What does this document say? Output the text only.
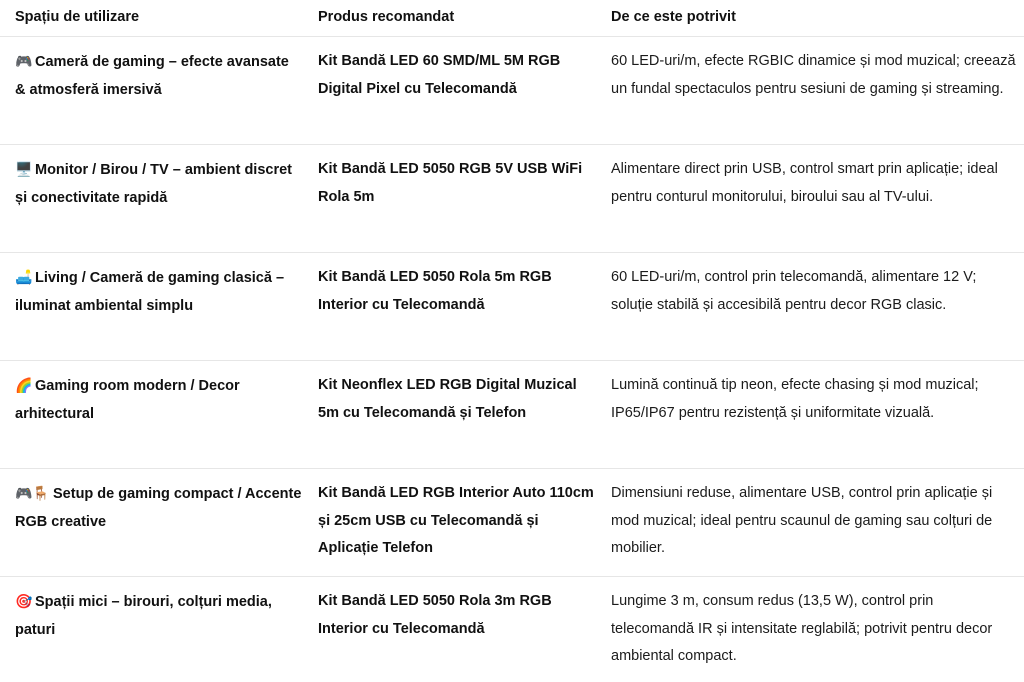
Spațiu de utilizare	Produs recomandat	De ce este potrivit
🎮 Cameră de gaming – efecte avansate & atmosferă imersivă
Kit Bandă LED 60 SMD/ML 5M RGB Digital Pixel cu Telecomandă
60 LED-uri/m, efecte RGBIC dinamice și mod muzical; creează un fundal spectaculos pentru sesiuni de gaming și streaming.
🖥️ Monitor / Birou / TV – ambient discret și conectivitate rapidă
Kit Bandă LED 5050 RGB 5V USB WiFi Rola 5m
Alimentare direct prin USB, control smart prin aplicație; ideal pentru conturul monitorului, biroului sau al TV-ului.
🛋️ Living / Cameră de gaming clasică – iluminat ambiental simplu
Kit Bandă LED 5050 Rola 5m RGB Interior cu Telecomandă
60 LED-uri/m, control prin telecomandă, alimentare 12 V; soluție stabilă și accesibilă pentru decor RGB clasic.
🌈 Gaming room modern / Decor arhitectural
Kit Neonflex LED RGB Digital Muzical 5m cu Telecomandă și Telefon
Lumină continuă tip neon, efecte chasing și mod muzical; IP65/IP67 pentru rezistență și uniformitate vizuală.
🎮🪑 Setup de gaming compact / Accente RGB creative
Kit Bandă LED RGB Interior Auto 110cm și 25cm USB cu Telecomandă și Aplicație Telefon
Dimensiuni reduse, alimentare USB, control prin aplicație și mod muzical; ideal pentru scaunul de gaming sau colțuri de mobilier.
🎯 Spații mici – birouri, colțuri media, paturi
Kit Bandă LED 5050 Rola 3m RGB Interior cu Telecomandă
Lungime 3 m, consum redus (13,5 W), control prin telecomandă IR și intensitate reglabilă; potrivit pentru decor ambiental compact.
